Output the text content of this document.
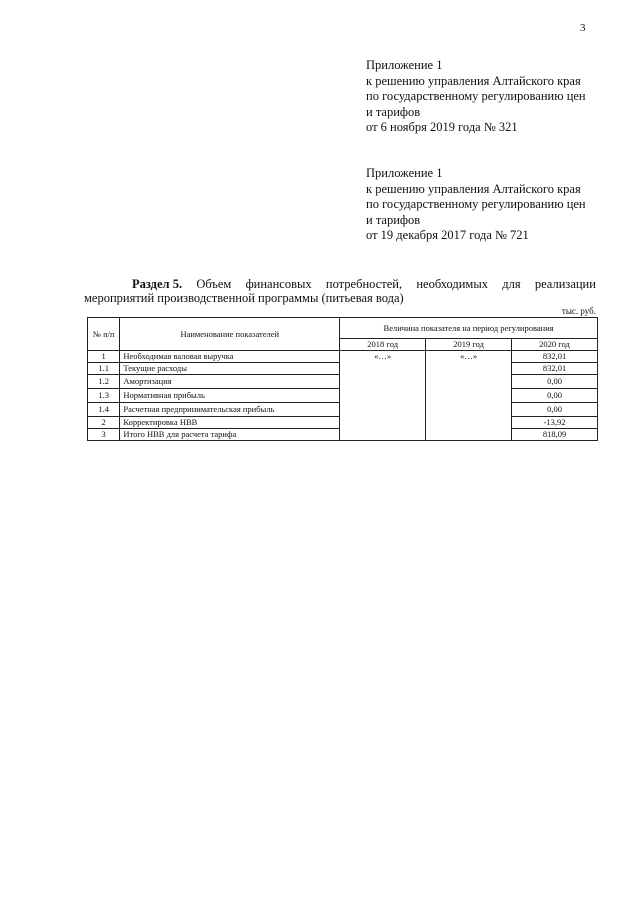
3
Приложение 1
к решению управления Алтайского края
по государственному регулированию цен
и тарифов
от 6 ноября 2019 года № 321
Приложение 1
к решению управления Алтайского края
по государственному регулированию цен
и тарифов
от 19 декабря 2017 года № 721
Раздел 5. Объем финансовых потребностей, необходимых для реализации
мероприятий производственной программы (питьевая вода)
тыс. руб.
№ п/п	Наименование показателей	Величина показателя на период регулирования		
		2018 год	2019 год	2020 год
1	Необходимая валовая выручка	«…»	«…»	832,01
1.1	Текущие расходы			832,01
1.2	Амортизация			0,00
1.3	Нормативная прибыль			0,00
1.4	Расчетная предпринимательская прибыль			0,00
2	Корректировка НВВ			-13,92
3	Итого НВВ для расчета тарифа			818,09
